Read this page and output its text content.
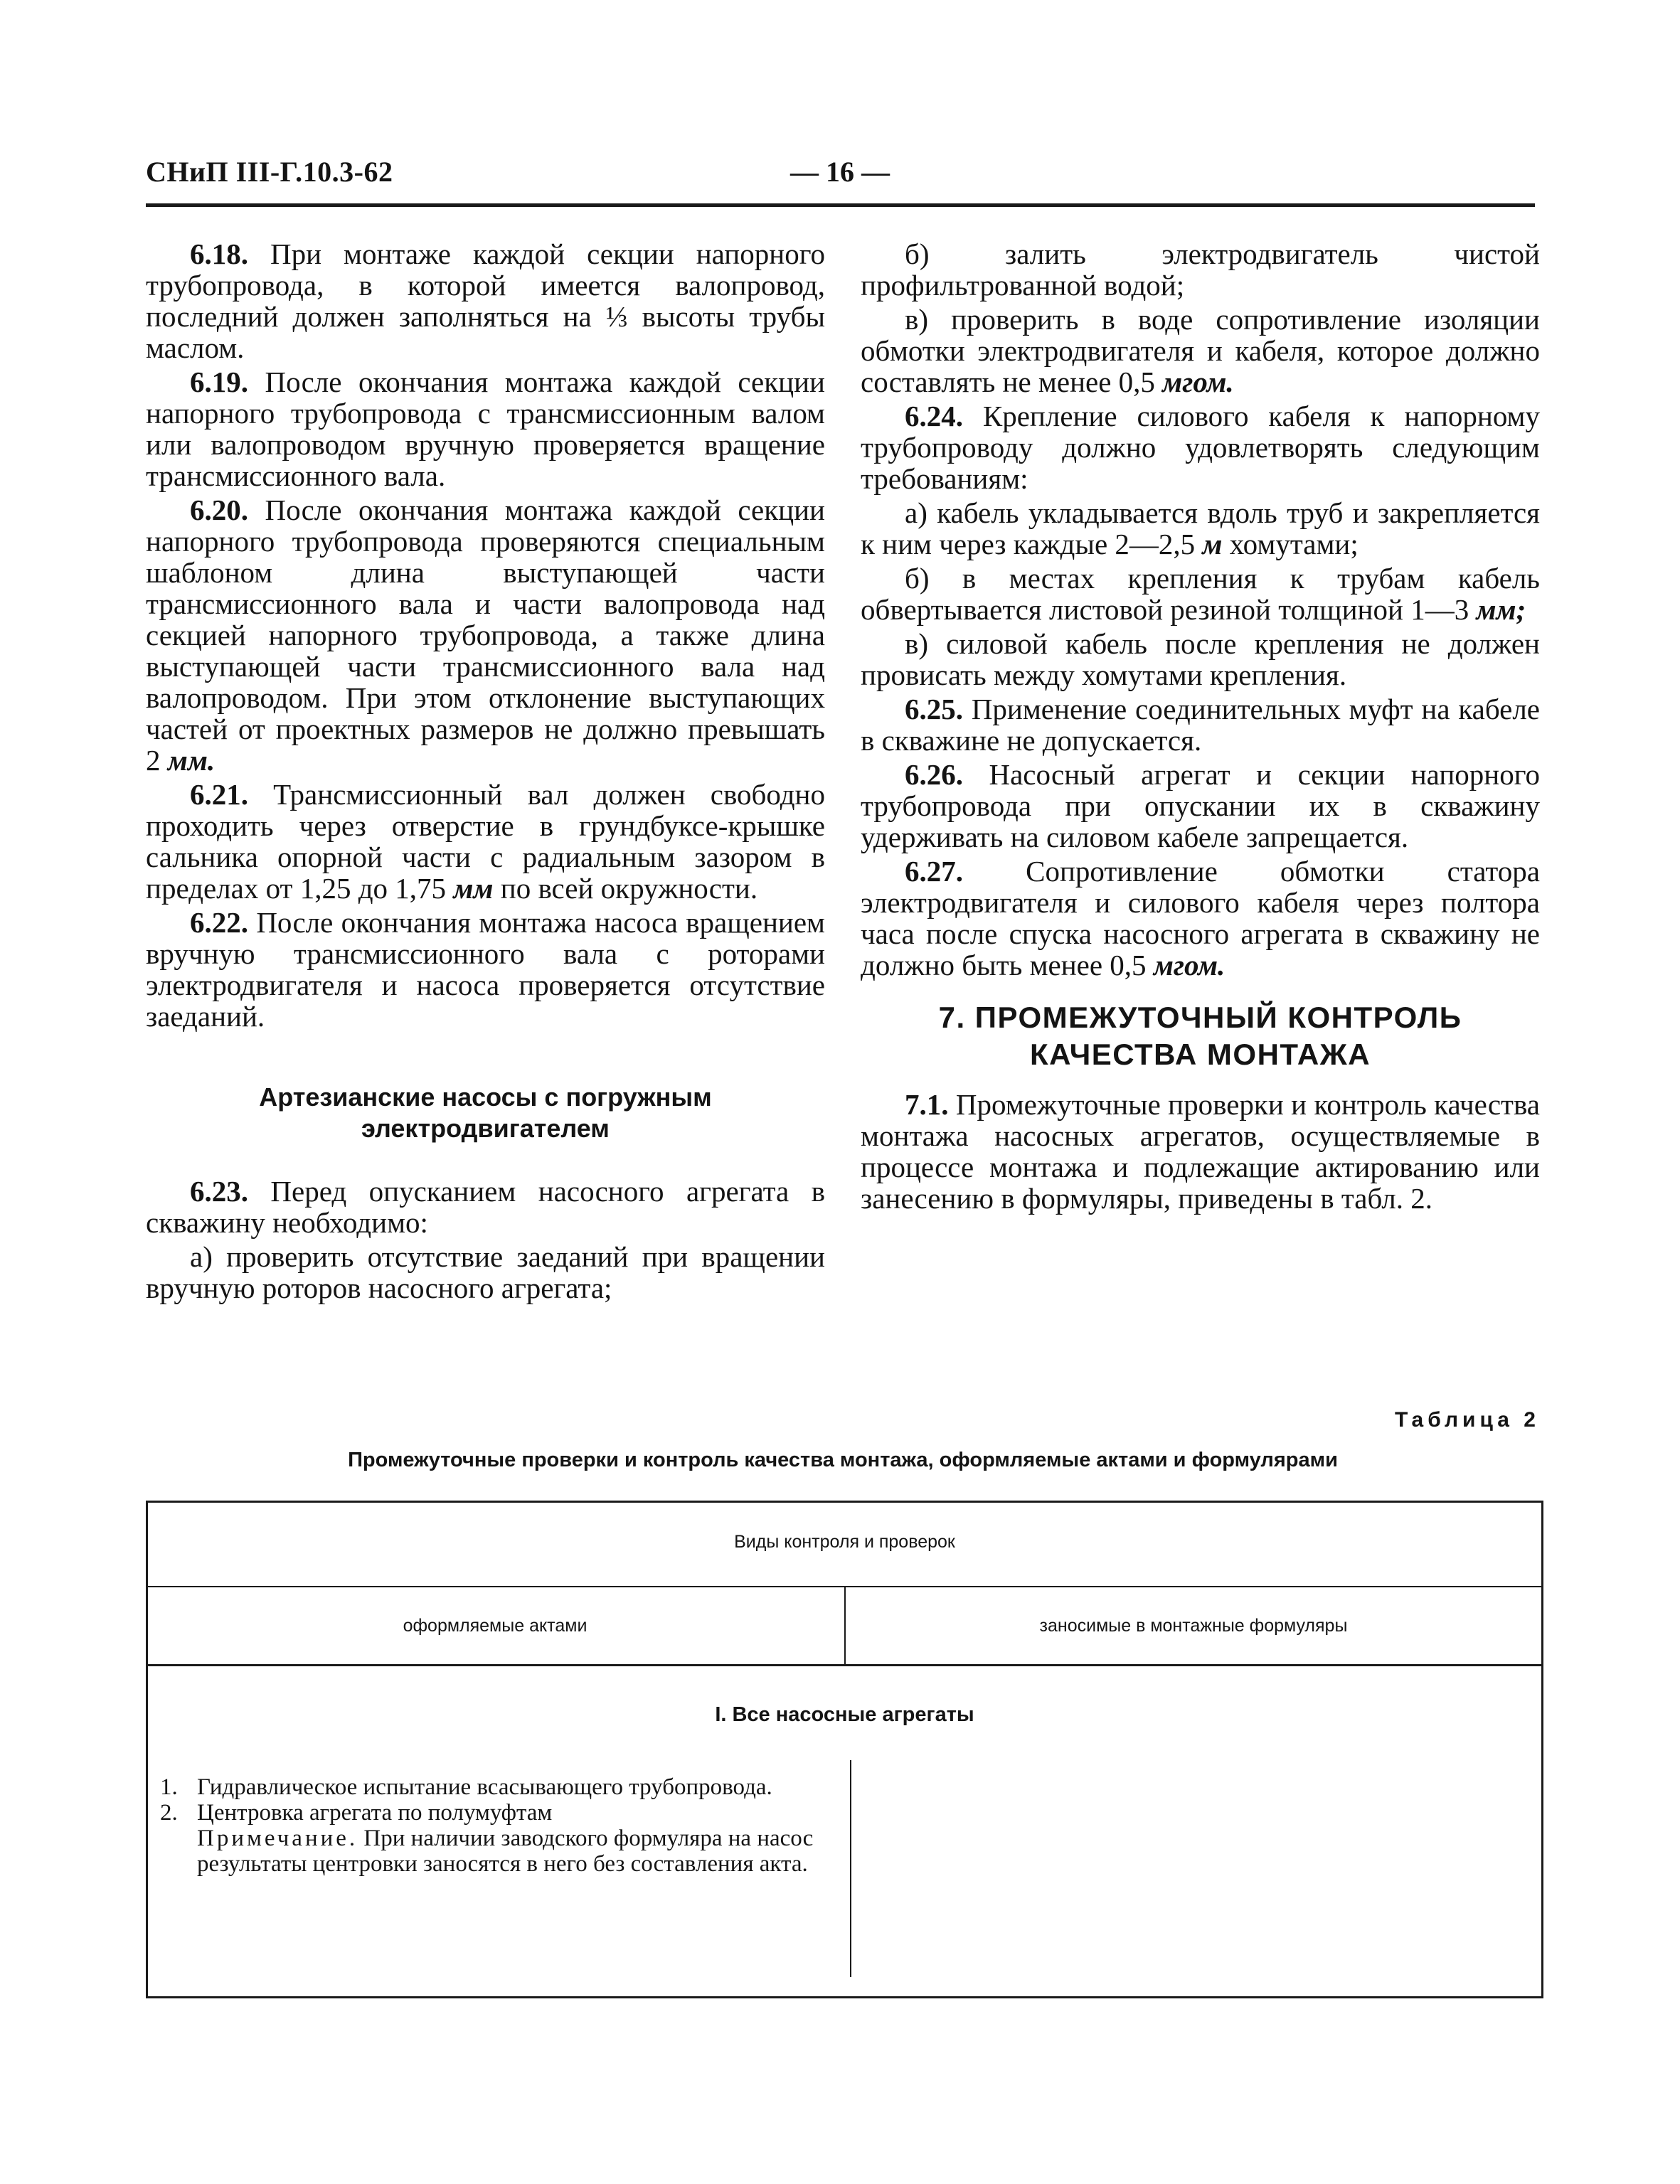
СНиП III-Г.10.3-62	— 16 —

6.18. При монтаже каждой секции напорного трубопровода, в которой имеется валопровод, последний должен заполняться на ⅓ высоты трубы маслом.

6.19. После окончания монтажа каждой секции напорного трубопровода с трансмиссионным валом или валопроводом вручную проверяется вращение трансмиссионного вала.

6.20. После окончания монтажа каждой секции напорного трубопровода проверяются специальным шаблоном длина выступающей части трансмиссионного вала и части валопровода над секцией напорного трубопровода, а также длина выступающей части трансмиссионного вала над валопроводом. При этом отклонение выступающих частей от проектных размеров не должно превышать 2 мм.

6.21. Трансмиссионный вал должен свободно проходить через отверстие в грундбуксе-крышке сальника опорной части с радиальным зазором в пределах от 1,25 до 1,75 мм по всей окружности.

6.22. После окончания монтажа насоса вращением вручную трансмиссионного вала с роторами электродвигателя и насоса проверяется отсутствие заеданий.

Артезианские насосы с погружным электродвигателем

6.23. Перед опусканием насосного агрегата в скважину необходимо:

а) проверить отсутствие заеданий при вращении вручную роторов насосного агрегата;

б) залить электродвигатель чистой профильтрованной водой;

в) проверить в воде сопротивление изоляции обмотки электродвигателя и кабеля, которое должно составлять не менее 0,5 мгом.

6.24. Крепление силового кабеля к напорному трубопроводу должно удовлетворять следующим требованиям:

а) кабель укладывается вдоль труб и закрепляется к ним через каждые 2—2,5 м хомутами;

б) в местах крепления к трубам кабель обвертывается листовой резиной толщиной 1—3 мм;

в) силовой кабель после крепления не должен провисать между хомутами крепления.

6.25. Применение соединительных муфт на кабеле в скважине не допускается.

6.26. Насосный агрегат и секции напорного трубопровода при опускании их в скважину удерживать на силовом кабеле запрещается.

6.27. Сопротивление обмотки статора электродвигателя и силового кабеля через полтора часа после спуска насосного агрегата в скважину не должно быть менее 0,5 мгом.

7. ПРОМЕЖУТОЧНЫЙ КОНТРОЛЬ
КАЧЕСТВА МОНТАЖА

7.1. Промежуточные проверки и контроль качества монтажа насосных агрегатов, осуществляемые в процессе монтажа и подлежащие актированию или занесению в формуляры, приведены в табл. 2.

Таблица 2
Промежуточные проверки и контроль качества монтажа, оформляемые актами и формулярами
Виды контроля и проверок
оформляемые актами	заносимые в монтажные формуляры
I. Все насосные агрегаты
1. Гидравлическое испытание всасывающего трубопровода.
2. Центровка агрегата по полумуфтам
Примечание. При наличии заводского формуляра на насос результаты центровки заносятся в него без составления акта.
